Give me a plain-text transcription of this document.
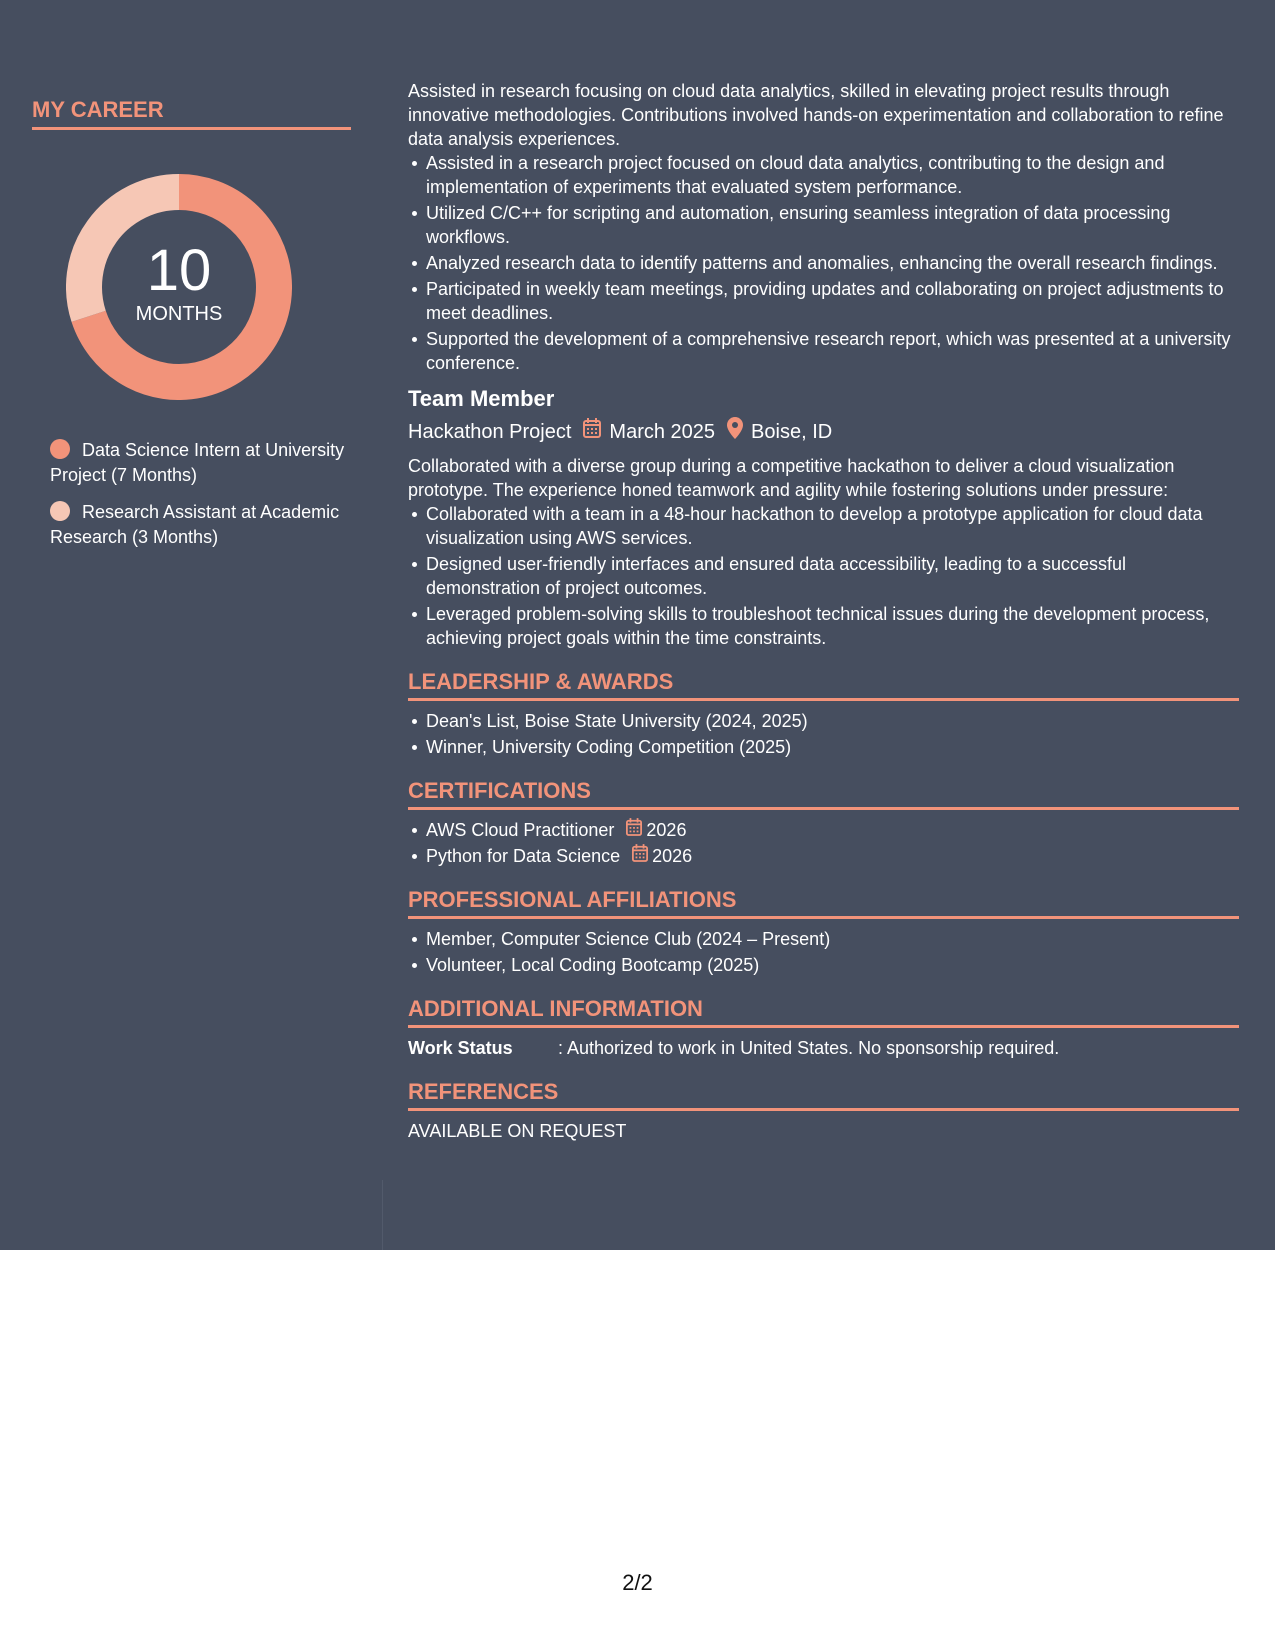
MY CAREER
10
MONTHS
Data Science Intern at University Project (7 Months)
Research Assistant at Academic Research (3 Months)

Assisted in research focusing on cloud data analytics, skilled in elevating project results through innovative methodologies. Contributions involved hands-on experimentation and collaboration to refine data analysis experiences.

Assisted in a research project focused on cloud data analytics, contributing to the design and implementation of experiments that evaluated system performance.
Utilized C/C++ for scripting and automation, ensuring seamless integration of data processing workflows.
Analyzed research data to identify patterns and anomalies, enhancing the overall research findings.
Participated in weekly team meetings, providing updates and collaborating on project adjustments to meet deadlines.
Supported the development of a comprehensive research report, which was presented at a university conference.
Team Member
Hackathon Project March 2025 Boise, ID

Collaborated with a diverse group during a competitive hackathon to deliver a cloud visualization prototype. The experience honed teamwork and agility while fostering solutions under pressure:

Collaborated with a team in a 48-hour hackathon to develop a prototype application for cloud data visualization using AWS services.
Designed user-friendly interfaces and ensured data accessibility, leading to a successful demonstration of project outcomes.
Leveraged problem-solving skills to troubleshoot technical issues during the development process, achieving project goals within the time constraints.
LEADERSHIP & AWARDS
Dean's List, Boise State University (2024, 2025)
Winner, University Coding Competition (2025)
CERTIFICATIONS
AWS Cloud Practitioner 2026
Python for Data Science 2026
PROFESSIONAL AFFILIATIONS
Member, Computer Science Club (2024 – Present)
Volunteer, Local Coding Bootcamp (2025)
ADDITIONAL INFORMATION
Work Status	: Authorized to work in United States. No sponsorship required.
REFERENCES
AVAILABLE ON REQUEST
2/2
